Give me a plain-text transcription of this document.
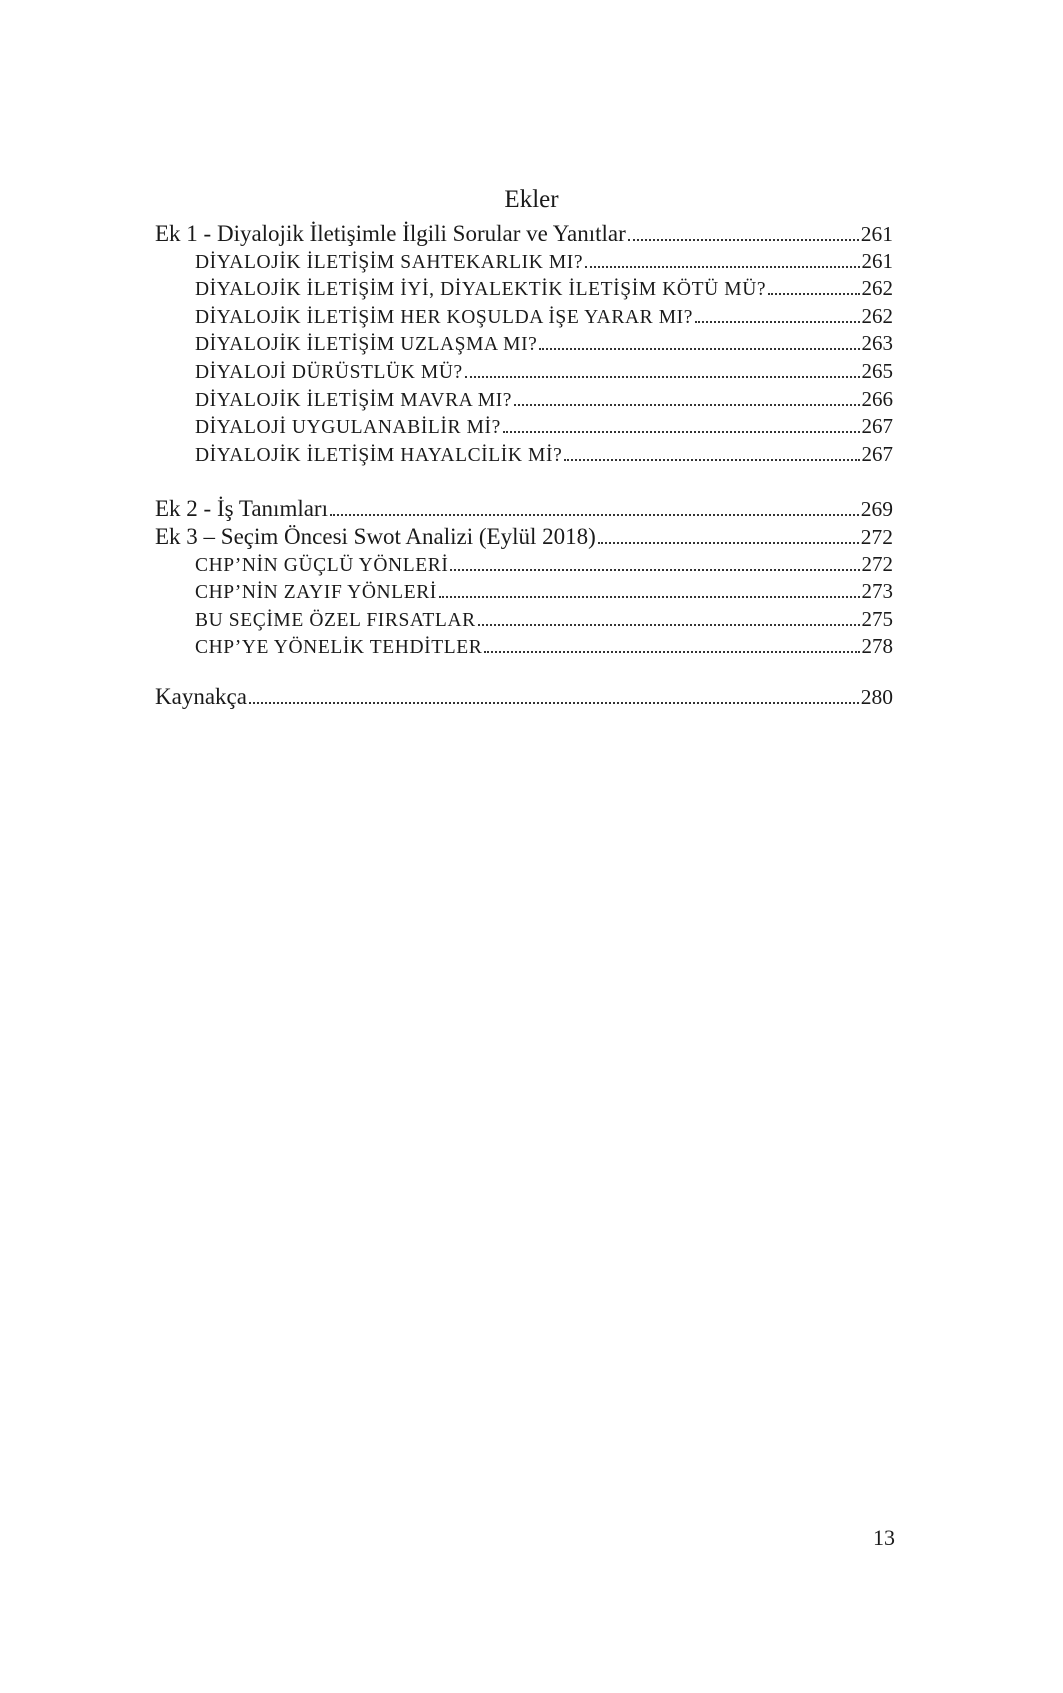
Ekler
Ek 1 - Diyalojik İletişimle İlgili Sorular ve Yanıtlar	261
DİYALOJİK İLETİŞİM SAHTEKARLIK MI?	261
DİYALOJİK İLETİŞİM İYİ, DİYALEKTİK İLETİŞİM KÖTÜ MÜ?	262
DİYALOJİK İLETİŞİM HER KOŞULDA İŞE YARAR MI?	262
DİYALOJİK İLETİŞİM UZLAŞMA MI?	263
DİYALOJİ DÜRÜSTLÜK MÜ?	265
DİYALOJİK İLETİŞİM MAVRA MI?	266
DİYALOJİ UYGULANABİLİR Mİ?	267
DİYALOJİK İLETİŞİM HAYALCİLİK Mİ?	267
Ek 2 - İş Tanımları	269
Ek 3 – Seçim Öncesi Swot Analizi (Eylül 2018)	272
CHP’NİN GÜÇLÜ YÖNLERİ	272
CHP’NİN ZAYIF YÖNLERİ	273
BU SEÇİME ÖZEL FIRSATLAR	275
CHP’YE YÖNELİK TEHDİTLER	278
Kaynakça	280
13
